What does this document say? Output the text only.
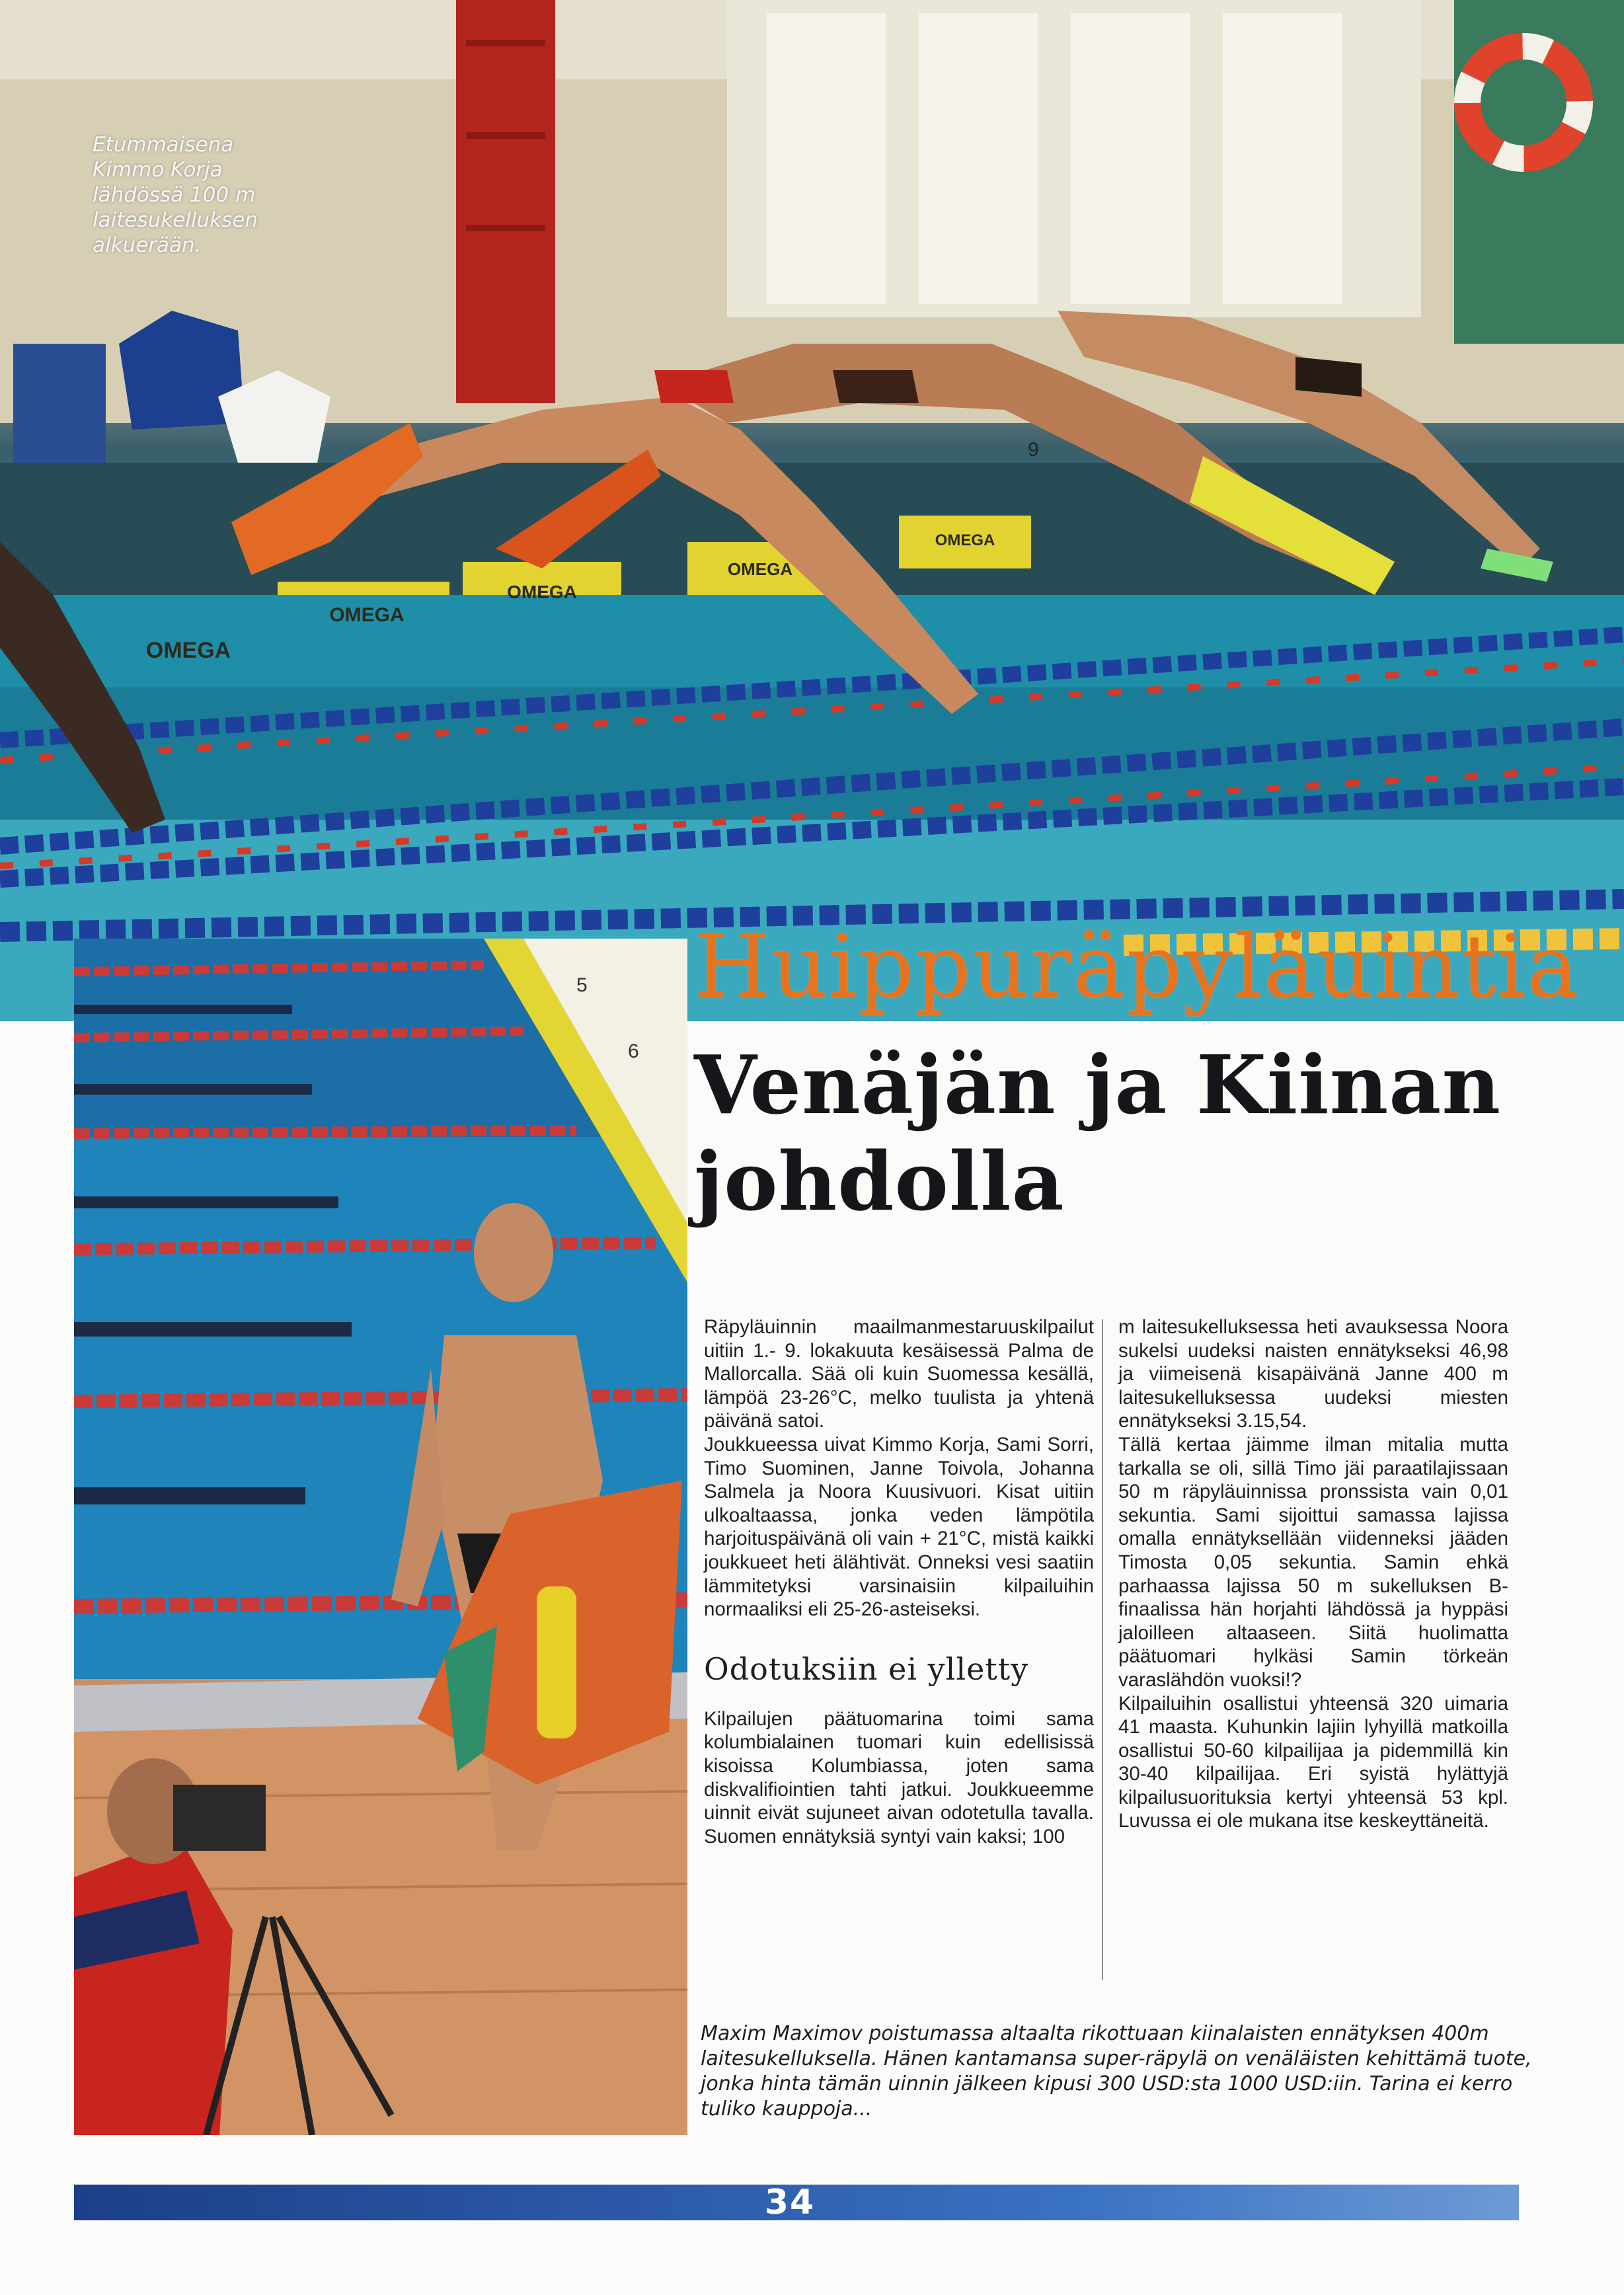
OMEGA
OMEGA
OMEGA
OMEGA
OMEGA
9
Etummaisena Kimmo Korja lähdössä 100 m laitesukelluksen alkuerään.
5
6
Huippuräpyläuintia
Venäjän ja Kiinan johdolla

Räpyläuinnin maailmanmestaruuskilpailut uitiin 1.- 9. lokakuuta kesäisessä Palma de Mallorcalla. Sää oli kuin Suomessa kesällä, lämpöä 23-26°C, melko tuulista ja yhtenä päivänä satoi.

Joukkueessa uivat Kimmo Korja, Sami Sorri, Timo Suominen, Janne Toivola, Johanna Salmela ja Noora Kuusivuori. Kisat uitiin ulkoaltaassa, jonka veden lämpötila harjoituspäivänä oli vain + 21°C, mistä kaikki joukkueet heti älähtivät. Onneksi vesi saatiin lämmitetyksi varsinaisiin kilpailuihin normaaliksi eli 25-26-asteiseksi.

Odotuksiin ei ylletty

Kilpailujen päätuomarina toimi sama kolumbialainen tuomari kuin edellisissä kisoissa Kolumbiassa, joten sama diskvalifiointien tahti jatkui. Joukkueemme uinnit eivät sujuneet aivan odotetulla tavalla. Suomen ennätyksiä syntyi vain kaksi; 100

m laitesukelluksessa heti avauksessa Noora sukelsi uudeksi naisten ennätykseksi 46,98 ja viimeisenä kisapäivänä Janne 400 m laitesukelluksessa uudeksi miesten ennätykseksi 3.15,54.

Tällä kertaa jäimme ilman mitalia mutta tarkalla se oli, sillä Timo jäi paraatilajissaan 50 m räpyläuinnissa pronssista vain 0,01 sekuntia. Sami sijoittui samassa lajissa omalla ennätyksellään viidenneksi jääden Timosta 0,05 sekuntia. Samin ehkä parhaassa lajissa 50 m sukelluksen B-finaalissa hän horjahti lähdössä ja hyppäsi jaloilleen altaaseen. Siitä huolimatta päätuomari hylkäsi Samin törkeän varaslähdön vuoksi!?

Kilpailuihin osallistui yhteensä 320 uimaria 41 maasta. Kuhunkin lajiin lyhyillä matkoilla osallistui 50-60 kilpailijaa ja pidemmillä kin 30-40 kilpailijaa. Eri syistä hylättyjä kilpailusuorituksia kertyi yhteensä 53 kpl. Luvussa ei ole mukana itse keskeyttäneitä.

Maxim Maximov poistumassa altaalta rikottuaan kiinalaisten ennätyksen 400m laitesukelluksella. Hänen kantamansa super-räpylä on venäläisten kehittämä tuote, jonka hinta tämän uinnin jälkeen kipusi 300 USD:sta 1000 USD:iin. Tarina ei kerro tuliko kauppoja...
34
